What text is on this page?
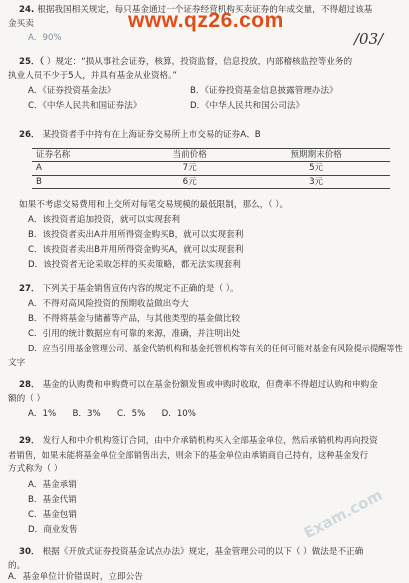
www.qz26.com
/03/
24. 根据我国相关规定，每只基金通过一个证券经营机构买卖证券的年成交量，不得超过该基
金买卖
A．90%
25．（ ）规定：“损从事社会证券，核算，投资监督，信息投放，内部稽核监控等业务的
执业人员不少于5人，并具有基金从业资格。”
A．《证券投资基金法》	B．《证券投资基金信息披露管理办法》
C．《中华人民共和国证券法》	D．《中华人民共和国公司法》
26． 某投资者手中持有在上海证券交易所上市交易的证券A、B
证券名称	当前价格	预期期末价格
A	7元	5元
B	6元	3元
如果不考虑交易费用和上交所对每笔交易规模的最低限制，那么，（ ）。
A．该投资者追加投资，就可以实现套利
B．该投资者卖出A并用所得资金购买B，就可以实现套利
C．该投资者卖出B并用所得资金购买A，就可以实现套利
D．该投资者无论采取怎样的买卖策略，都无法实现套利
27． 下列关于基金销售宣传内容的规定不正确的是（ ）。
A．不得对高风险投资的预期收益做出夸大
B．不得将基金与储蓄等产品，与其他类型的基金做比较
C．引用的统计数据应有可靠的来源，准确，并注明出处
D．应当引用基金管理公司、基金代销机构和基金托管机构等有关的任何可能对基金有风险提示提醒等性
文字
28． 基金的认购费和申购费可以在基金份额发售或申购时收取，但费率不得超过认购和申购金
额的（ ）
A．1%      B．3%      C．5%      D．10%
29． 发行人和中介机构签订合同，由中介承销机构买入全部基金单位，然后承销机构再向投资
者销售，如果未能将基金单位全部销售出去，则余下的基金单位由承销商自己持有，这种基金发行
方式称为（ ）
A．基金承销
B．基金代销
C．基金包销
D．商业发售	Exam.com
30． 根据《开放式证券投资基金试点办法》规定，基金管理公司的以下（ ）做法是不正确
的。
A．基金单位计价错误时，立即公告
